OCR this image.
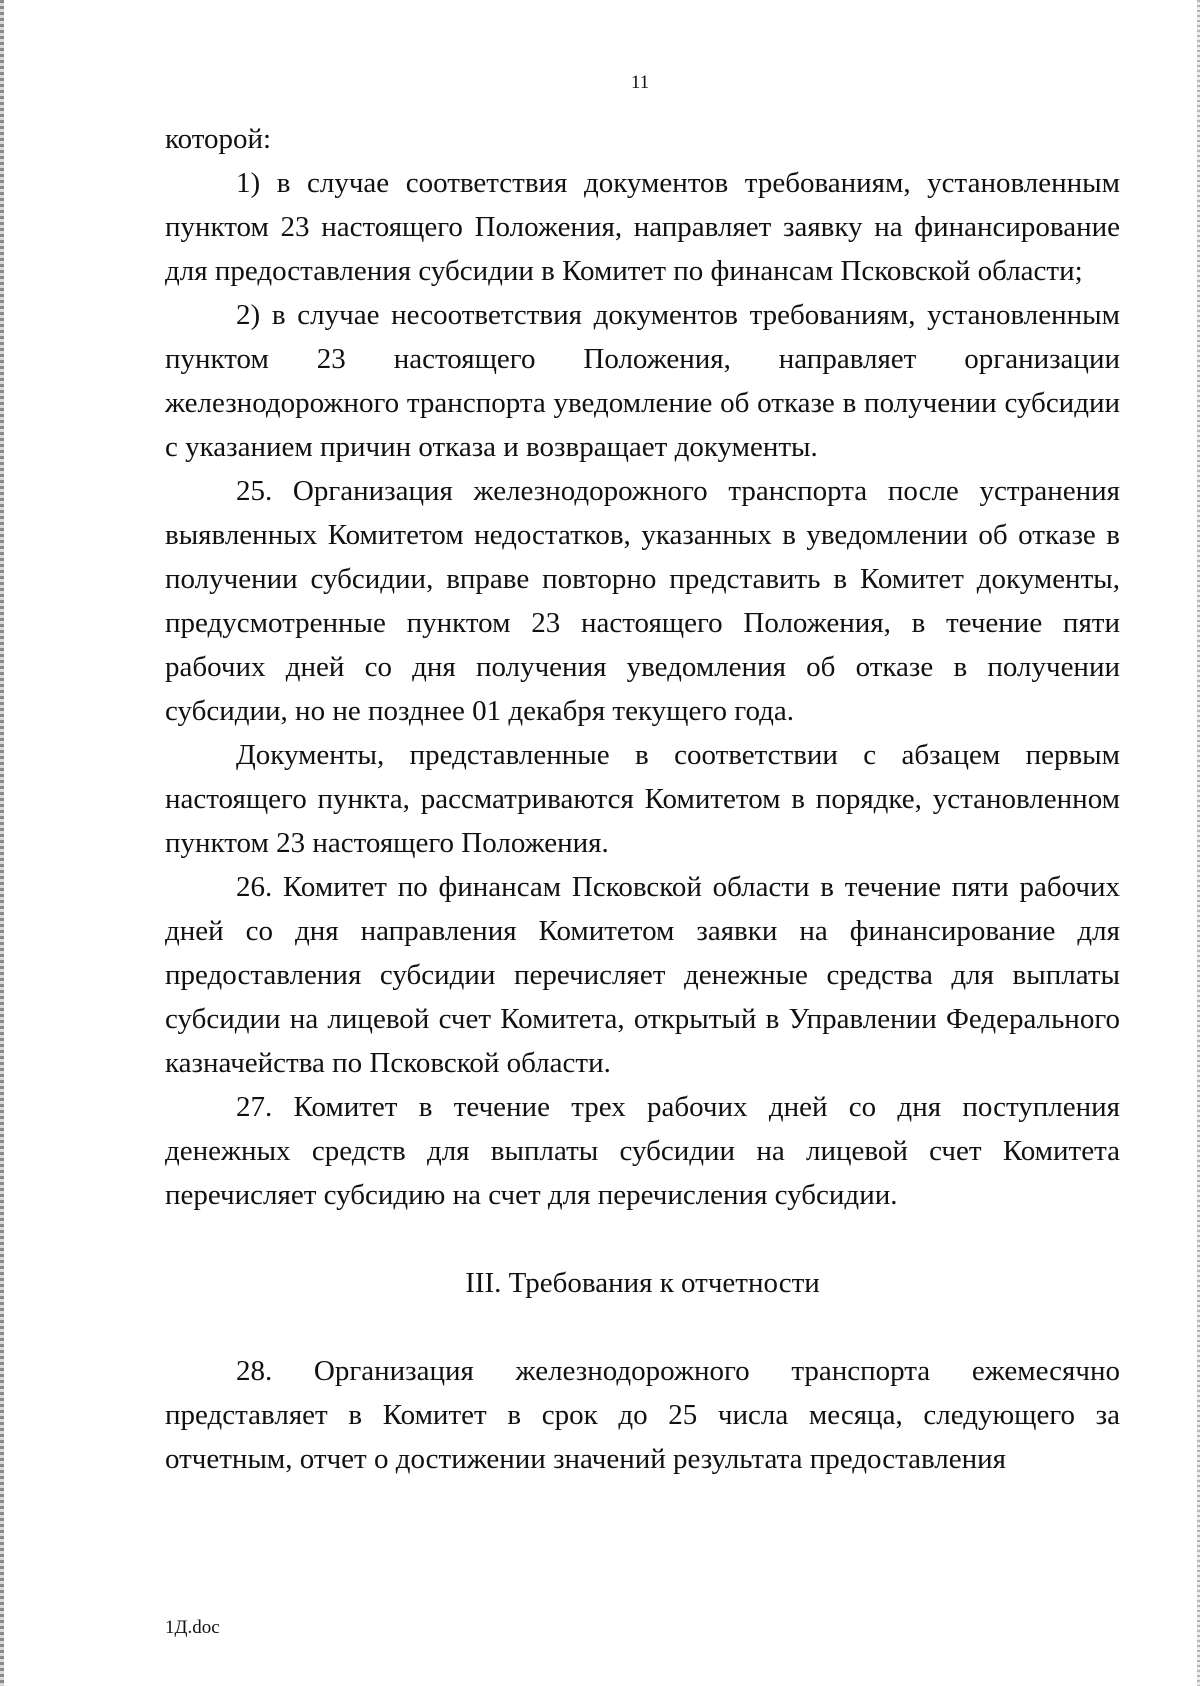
11

которой:

1) в случае соответствия документов требованиям, установленным пунктом 23 настоящего Положения, направляет заявку на финансирование для предоставления субсидии в Комитет по финансам Псковской области;

2) в случае несоответствия документов требованиям, установленным пунктом 23 настоящего Положения, направляет организации железнодорожного транспорта уведомление об отказе в получении субсидии с указанием причин отказа и возвращает документы.

25. Организация железнодорожного транспорта после устранения выявленных Комитетом недостатков, указанных в уведомлении об отказе в получении субсидии, вправе повторно представить в Комитет документы, предусмотренные пунктом 23 настоящего Положения, в течение пяти рабочих дней со дня получения уведомления об отказе в получении субсидии, но не позднее 01 декабря текущего года.

Документы, представленные в соответствии с абзацем первым настоящего пункта, рассматриваются Комитетом в порядке, установленном пунктом 23 настоящего Положения.

26. Комитет по финансам Псковской области в течение пяти рабочих дней со дня направления Комитетом заявки на финансирование для предоставления субсидии перечисляет денежные средства для выплаты субсидии на лицевой счет Комитета, открытый в Управлении Федерального казначейства по Псковской области.

27. Комитет в течение трех рабочих дней со дня поступления денежных средств для выплаты субсидии на лицевой счет Комитета перечисляет субсидию на счет для перечисления субсидии.

III. Требования к отчетности

28. Организация железнодорожного транспорта ежемесячно представляет в Комитет в срок до 25 числа месяца, следующего за отчетным, отчет о достижении значений результата предоставления

1Д.doc
